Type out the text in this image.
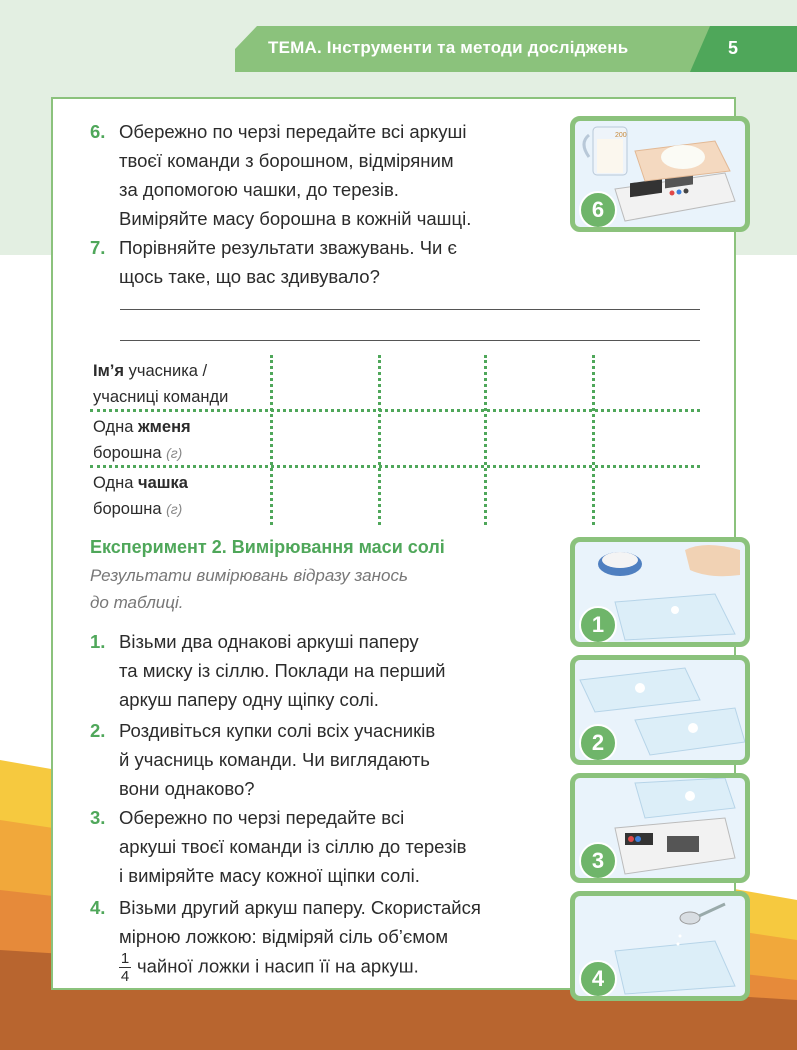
ТЕМА. Інструменти та методи досліджень	5
6. Обережно по черзі передайте всі аркуші
твоєї команди з борошном, відміряним
за допомогою чашки, до терезів.
Виміряйте масу борошна в кожній чашці.
7. Порівняйте результати зважувань. Чи є
щось таке, що вас здивувало?
Ім’я учасника /
учасниці команди
Одна жменя
борошна (г)
Одна чашка
борошна (г)
Експеримент 2. Вимірювання маси солі
Результати вимірювань відразу занось
до таблиці.
1. Візьми два однакові аркуші паперу
та миску із сіллю. Поклади на перший
аркуш паперу одну щіпку солі.
2. Роздивіться купки солі всіх учасників
й учасниць команди. Чи виглядають
вони однаково?
3. Обережно по черзі передайте всі
аркуші твоєї команди із сіллю до терезів
і виміряйте масу кожної щіпки солі.
4. Візьми другий аркуш паперу. Скористайся
мірною ложкою: відміряй сіль об’ємом

$\frac{1}{4}$ чайної ложки і насип її на аркуш.
200
6
1
2
3
4
